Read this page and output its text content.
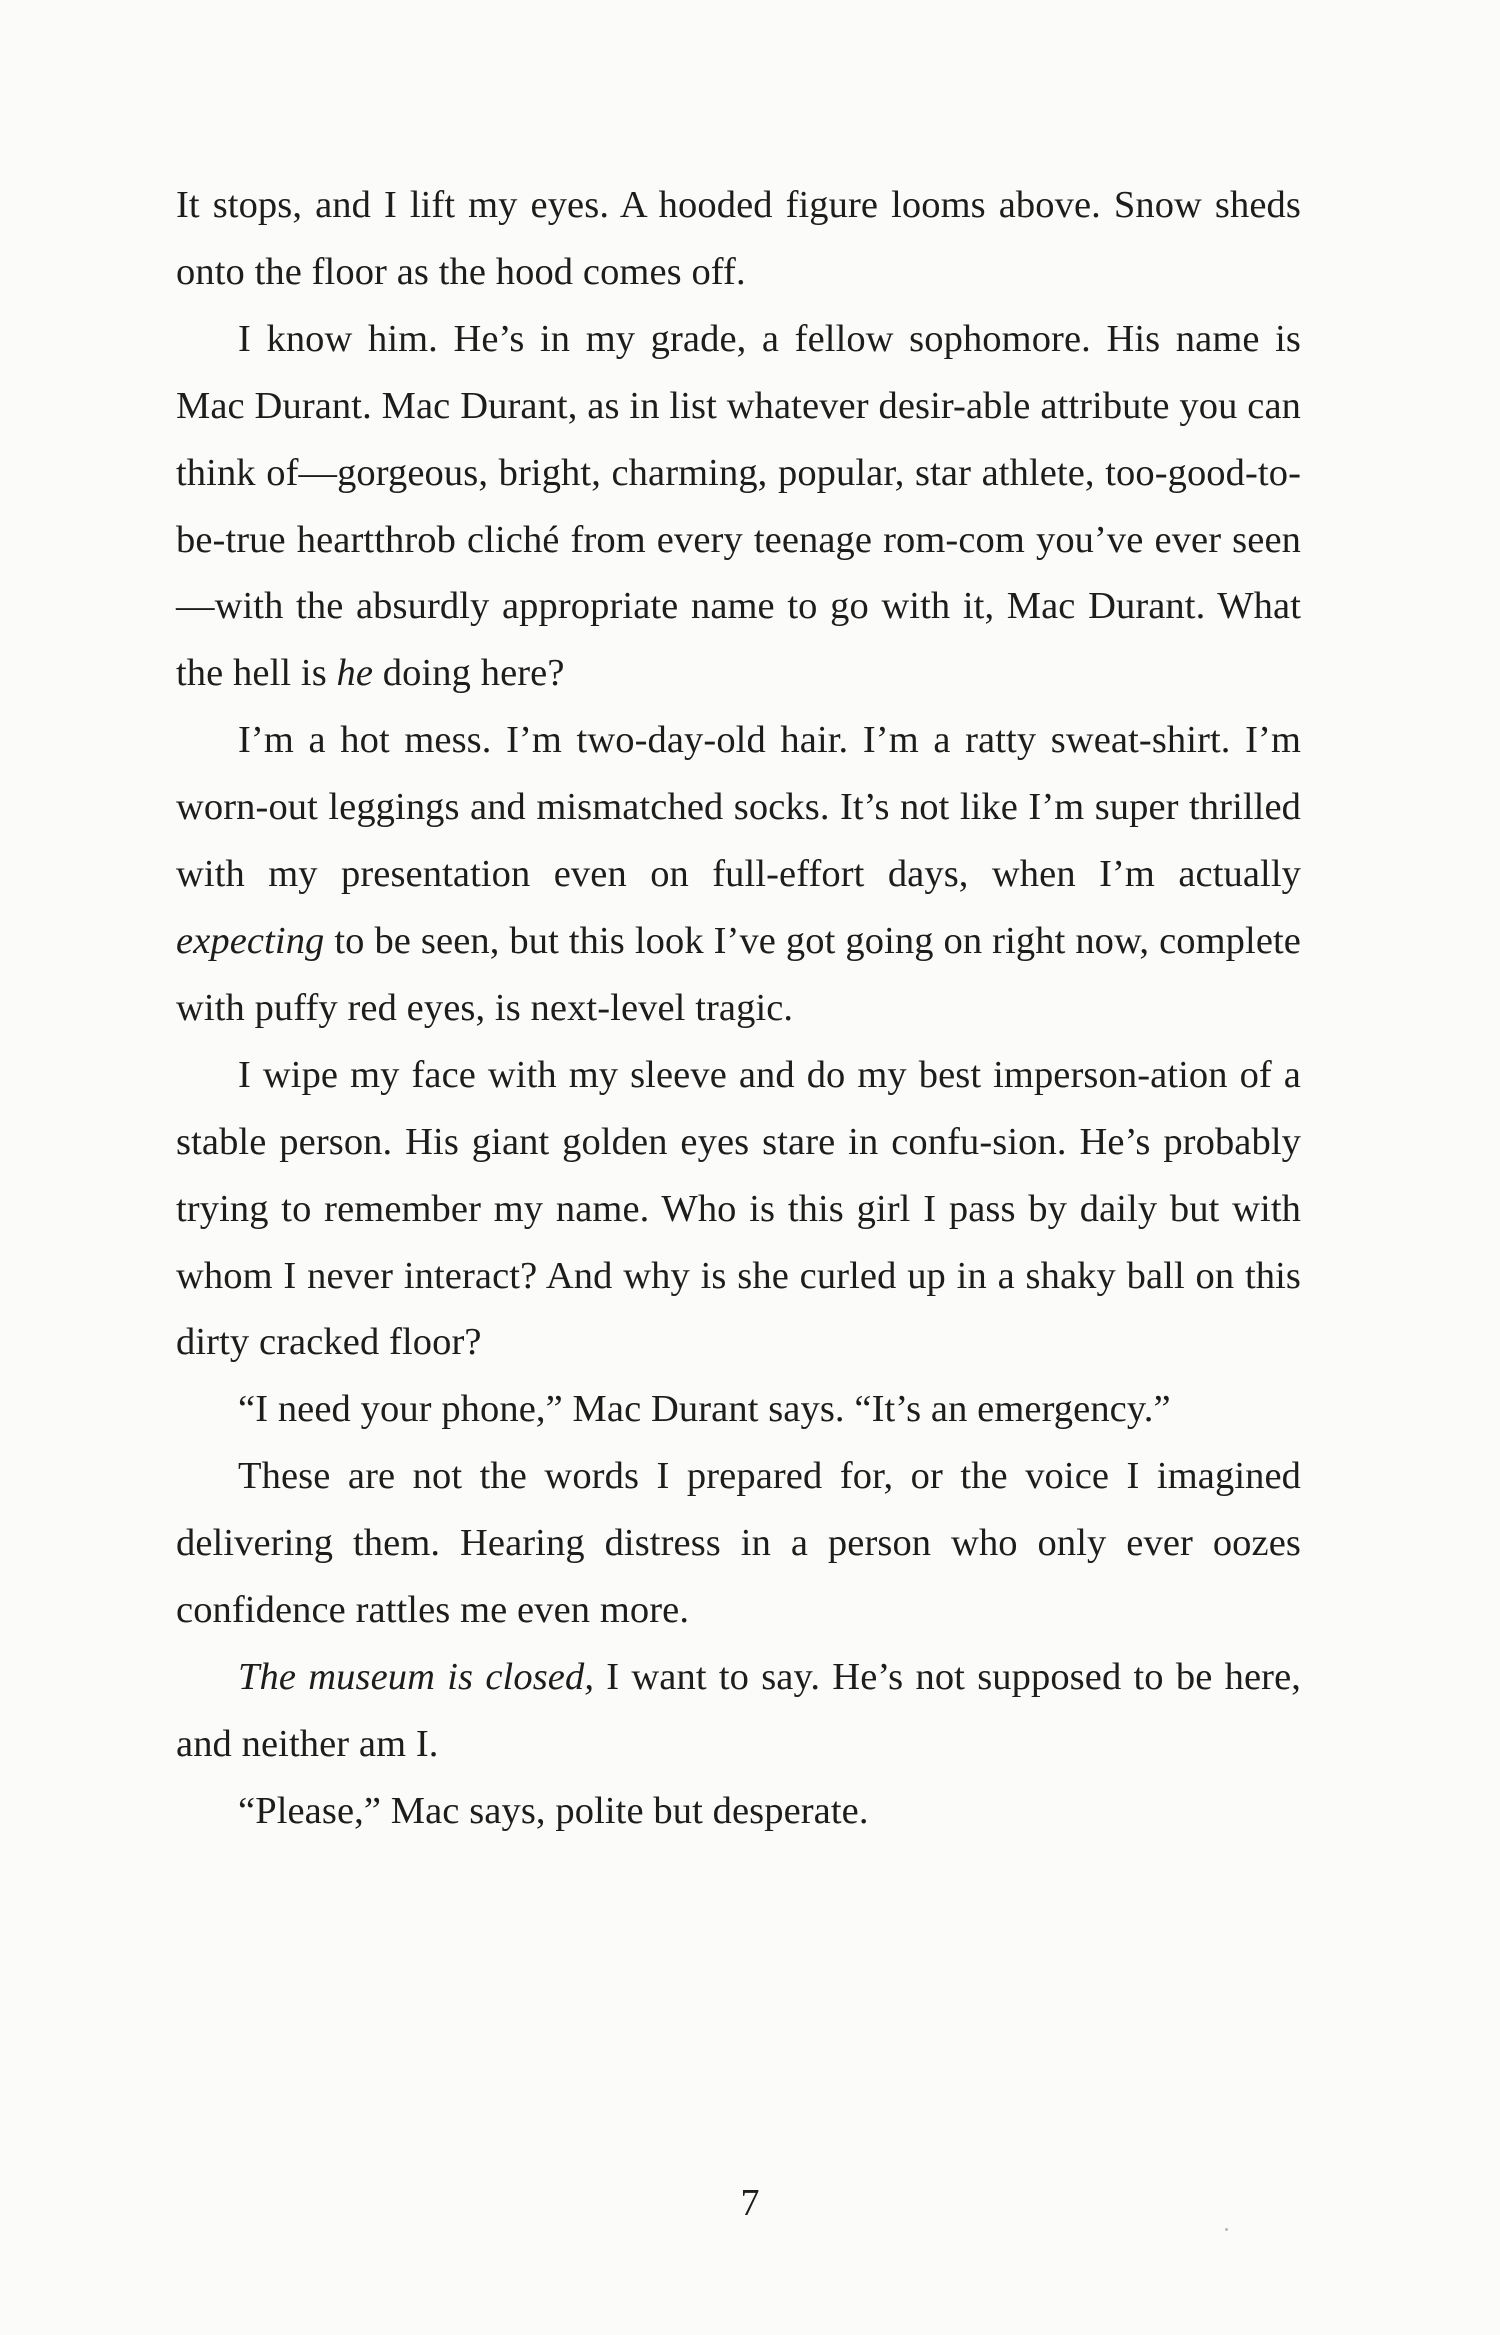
It stops, and I lift my eyes. A hooded figure looms above. Snow sheds onto the floor as the hood comes off.

I know him. He’s in my grade, a fellow sophomore. His name is Mac Durant. Mac Durant, as in list whatever desir-able attribute you can think of—gorgeous, bright, charming, popular, star athlete, too-good-to-be-true heartthrob cliché from every teenage rom-com you’ve ever seen—with the absurdly appropriate name to go with it, Mac Durant. What the hell is he doing here?

I’m a hot mess. I’m two-day-old hair. I’m a ratty sweat-shirt. I’m worn-out leggings and mismatched socks. It’s not like I’m super thrilled with my presentation even on full-effort days, when I’m actually expecting to be seen, but this look I’ve got going on right now, complete with puffy red eyes, is next-level tragic.

I wipe my face with my sleeve and do my best imperson-ation of a stable person. His giant golden eyes stare in confu-sion. He’s probably trying to remember my name. Who is this girl I pass by daily but with whom I never interact? And why is she curled up in a shaky ball on this dirty cracked floor?

“I need your phone,” Mac Durant says. “It’s an emergency.”

These are not the words I prepared for, or the voice I imagined delivering them. Hearing distress in a person who only ever oozes confidence rattles me even more.

The museum is closed, I want to say. He’s not supposed to be here, and neither am I.

“Please,” Mac says, polite but desperate.

7
